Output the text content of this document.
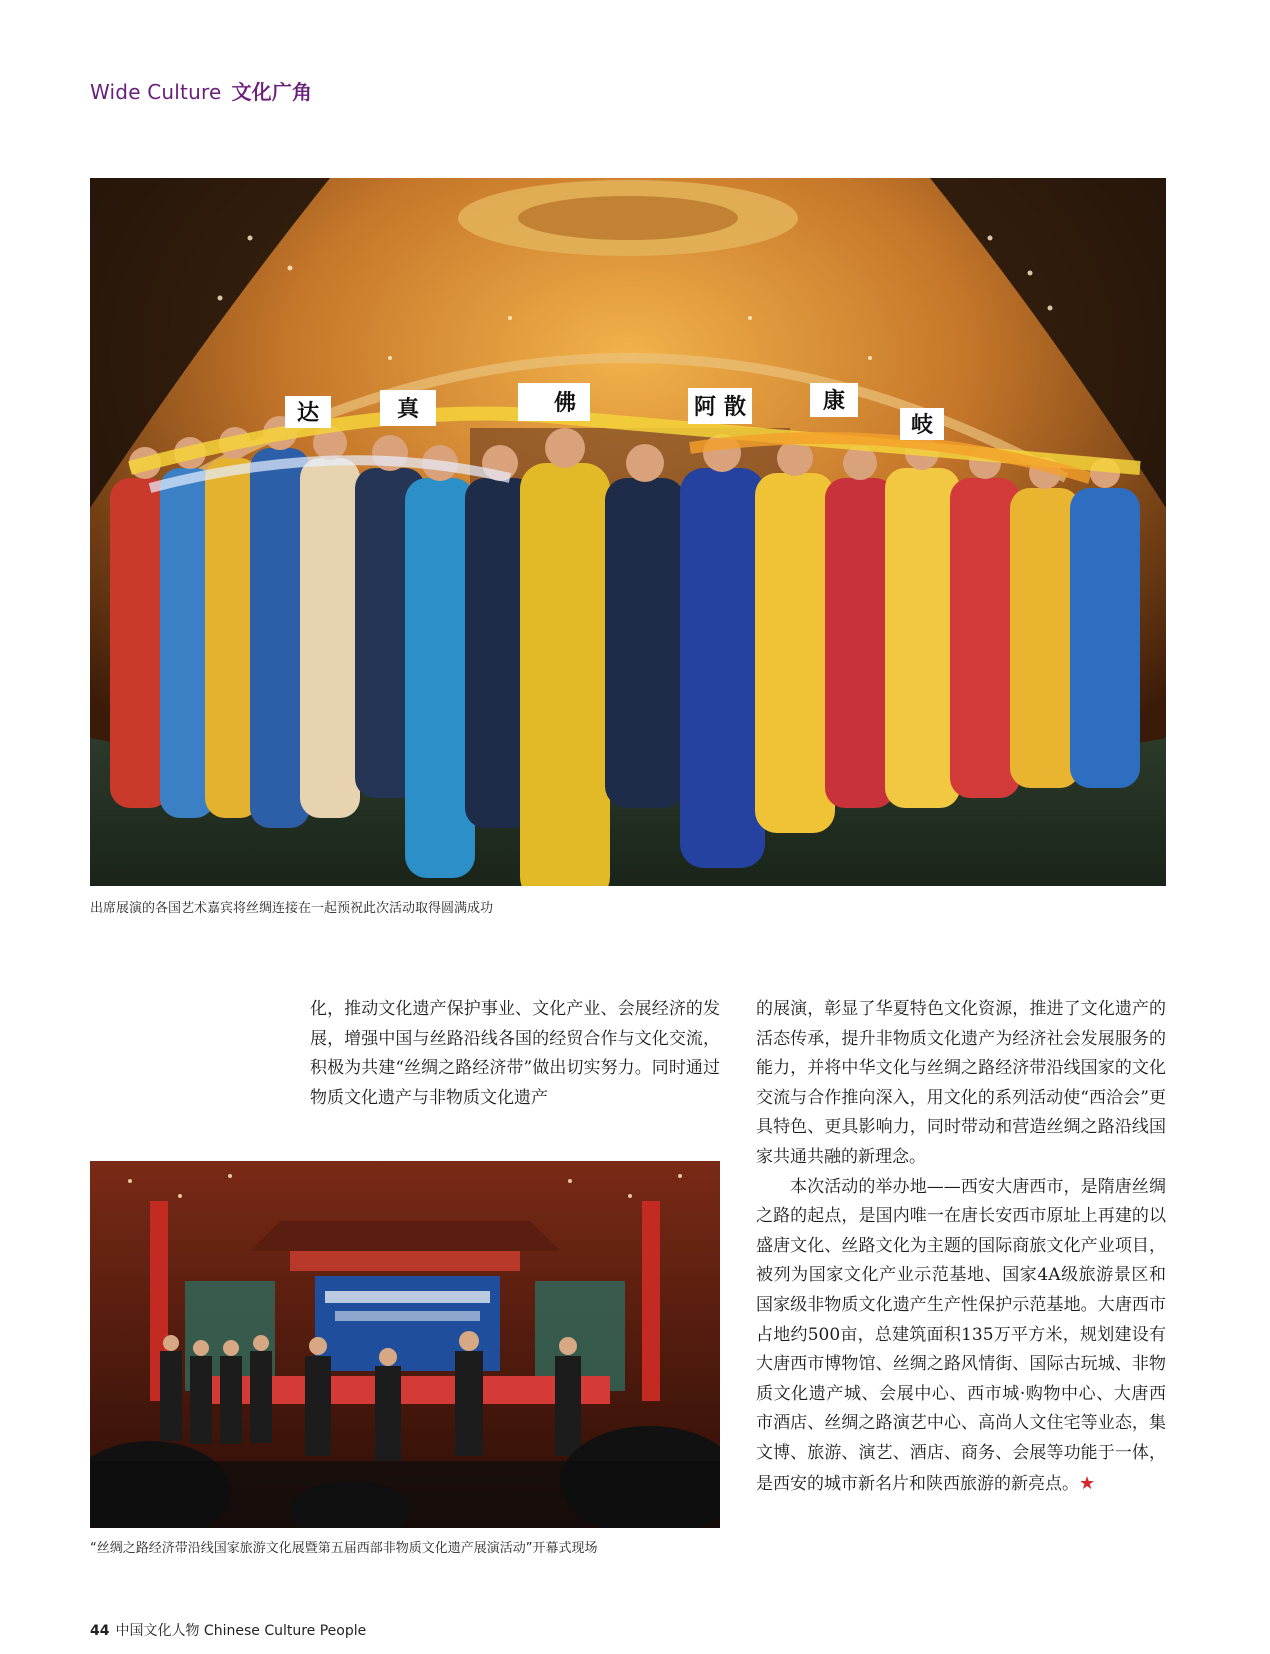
Wide Culture 文化广角
达	真	佛	阿 散	康
岐
出席展演的各国艺术嘉宾将丝绸连接在一起预祝此次活动取得圆满成功

化，推动文化遗产保护事业、文化产业、会展经济的发展，增强中国与丝路沿线各国的经贸合作与文化交流，积极为共建“丝绸之路经济带”做出切实努力。同时通过物质文化遗产与非物质文化遗产

的展演，彰显了华夏特色文化资源，推进了文化遗产的活态传承，提升非物质文化遗产为经济社会发展服务的能力，并将中华文化与丝绸之路经济带沿线国家的文化交流与合作推向深入，用文化的系列活动使“西洽会”更具特色、更具影响力，同时带动和营造丝绸之路沿线国家共通共融的新理念。

本次活动的举办地——西安大唐西市，是隋唐丝绸之路的起点，是国内唯一在唐长安西市原址上再建的以盛唐文化、丝路文化为主题的国际商旅文化产业项目，被列为国家文化产业示范基地、国家4A级旅游景区和国家级非物质文化遗产生产性保护示范基地。大唐西市占地约500亩，总建筑面积135万平方米，规划建设有大唐西市博物馆、丝绸之路风情街、国际古玩城、非物质文化遗产城、会展中心、西市城·购物中心、大唐西市酒店、丝绸之路演艺中心、高尚人文住宅等业态，集文博、旅游、演艺、酒店、商务、会展等功能于一体，是西安的城市新名片和陕西旅游的新亮点。★

“丝绸之路经济带沿线国家旅游文化展暨第五届西部非物质文化遗产展演活动”开幕式现场
44 中国文化人物 Chinese Culture People
